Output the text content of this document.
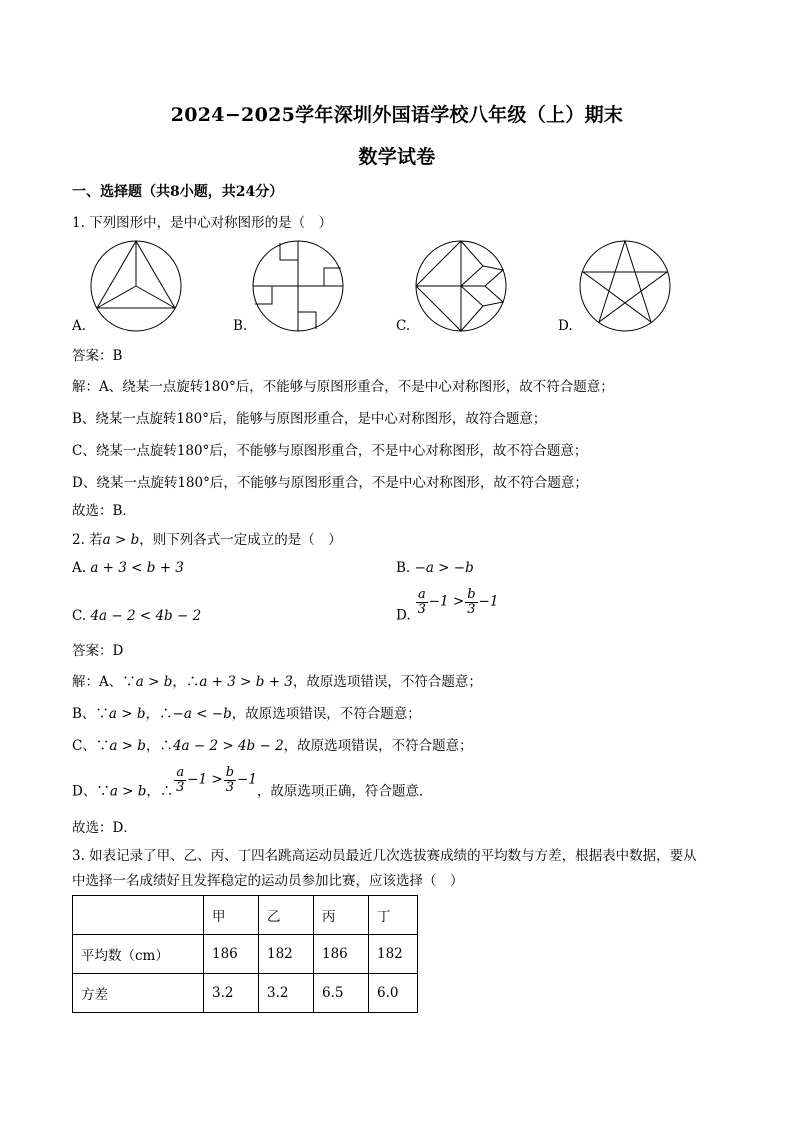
2024−2025学年深圳外国语学校八年级（上）期末
数学试卷
一、选择题（共8小题，共24分）
1. 下列图形中，是中心对称图形的是（　）
A.	B.	C.	D.
答案：B
解：A、绕某一点旋转180°后，不能够与原图形重合，不是中心对称图形，故不符合题意；
B、绕某一点旋转180°后，能够与原图形重合，是中心对称图形，故符合题意；
C、绕某一点旋转180°后，不能够与原图形重合，不是中心对称图形，故不符合题意；
D、绕某一点旋转180°后，不能够与原图形重合，不是中心对称图形，故不符合题意；
故选：B．
2. 若a > b，则下列各式一定成立的是（　）
A. a + 3 < b + 3	B. −a > −b
C. 4a − 2 < 4b − 2	D. $\frac{a}{3} -1 > \frac{b}{3} -1$
答案：D
解：A、∵a > b，∴a + 3 > b + 3，故原选项错误，不符合题意；
B、∵a > b，∴−a < −b，故原选项错误，不符合题意；
C、∵a > b，∴4a − 2 > 4b − 2，故原选项错误，不符合题意；
D、∵a > b，∴ $\frac{a}{3} -1 > \frac{b}{3} -1$，故原选项正确，符合题意．
故选：D．
3. 如表记录了甲、乙、丙、丁四名跳高运动员最近几次选拔赛成绩的平均数与方差，根据表中数据，要从
中选择一名成绩好且发挥稳定的运动员参加比赛，应该选择（　）
	甲	乙	丙	丁
平均数（cm）	186	182	186	182
方差	3.2	3.2	6.5	6.0
